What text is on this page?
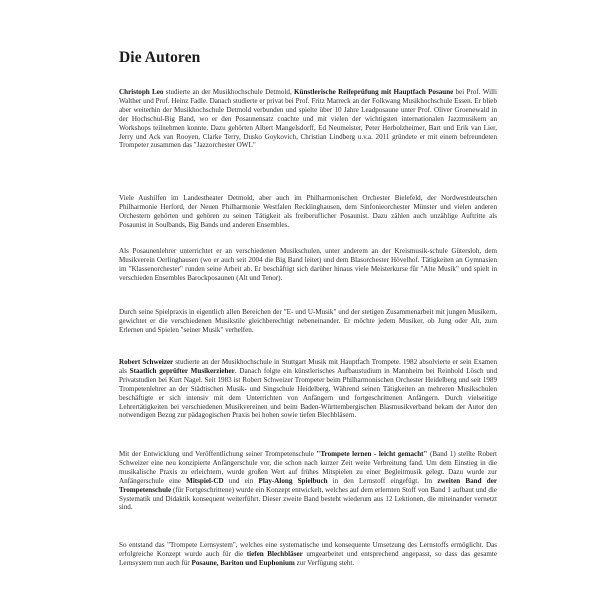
Die Autoren

Christoph Leo studierte an der Musikhochschule Detmold, Künstlerische Reifeprüfung mit Hauptfach Posaune bei Prof. Willi Walther und Prof. Heinz Fadle. Danach studierte er privat bei Prof. Fritz Marreck an der Folkwang Musikhochschule Essen. Er blieb aber weiterhin der Musikhochschule Detmold verbunden und spielte über 10 Jahre Leadposaune unter Prof. Oliver Groenewald in der Hochschul-Big Band, wo er den Posaunensatz coachte und mit vielen der wichtigsten internationalen Jazzmusikern an Workshops teilnehmen konnte. Dazu gehörten Albert Mangelsdorff, Ed Neumeister, Peter Herbolzheimer, Bart und Erik van Lier, Jerry und Ack van Rooyen, Clarke Terry, Dusko Goykovich, Christian Lindberg u.v.a. 2011 gründete er mit einem befreundeten Trompeter zusammen das "Jazzorchester OWL"

Viele Aushilfen im Landestheater Detmold, aber auch im Philharmonischen Orchester Bielefeld, der Nordwestdeutschen Philharmonie Herford, der Neuen Philharmonie Westfalen Recklinghausen, dem Sinfonieorchester Münster und vielen anderen Orchestern gehörten und gehören zu seinen Tätigkeit als freiberuflicher Posaunist. Dazu zählen auch unzählige Auftritte als Posaunist in Soulbands, Big Bands und anderen Ensembles.

Als Posaunenlehrer unterrichtet er an verschiedenen Musikschulen, unter anderem an der Kreismusik-schule Gütersloh, dem Musikverein Oerlinghausen (wo er auch seit 2004 die Big Band leitet) und dem Blasorchester Hövelhof. Tätigkeiten an Gymnasien im "Klassenorchester" runden seine Arbeit ab. Er beschäftigt sich darüber hinaus viele Meisterkurse für "Alte Musik" und spielt in verschieden Ensembles Barockposaunen (Alt und Tenor).

Durch seine Spielpraxis in eigentlich allen Bereichen der "E- und U-Musik" und der stetigen Zusammenarbeit mit jungen Musikern, gewichtet er die verschiedenen Musikstile gleichberechtigt nebeneinander. Er möchte jedem Musiker, ob Jung oder Alt, zum Erlernen und Spielen "seiner Musik" verhelfen.

Robert Schweizer studierte an der Musikhochschule in Stuttgart Musik mit Hauptfach Trompete. 1982 absolvierte er sein Examen als Staatlich geprüfter Musikerzieher. Danach folgte ein künstlerisches Aufbaustudium in Mannheim bei Reinhold Lösch und Privatstudien bei Kurt Nagel. Seit 1983 ist Robert Schweizer Trompeter beim Philharmonischen Orchester Heidelberg und seit 1989 Trompetenlehrer an der Städtischen Musik- und Singschule Heidelberg. Während seinen Tätigkeiten an mehreren Musikschulen beschäftigte er sich intensiv mit dem Unterrichten von Anfängern und fortgeschrittenen Anfängern. Durch vielseitige Lehrertätigkeiten bei verschiedenen Musikvereinen und beim Baden-Württembergischen Blasmusikverband bekam der Autor den notwendigen Bezug zur pädagogischen Praxis bei hohen sowie tiefen Blechbläsern.

Mit der Entwicklung und Veröffentlichung seiner Trompetenschule "Trompete lernen - leicht gemacht" (Band 1) stellte Robert Schweizer eine neu konzipierte Anfängerschule vor, die schon nach kurzer Zeit weite Verbreitung fand. Um dem Einstieg in die musikalische Praxis zu erleichtern, wurde großen Wert auf frühes Mitspielen zu einer Begleitmusik gelegt. Dazu wurde zur Anfängerschule eine Mitspiel-CD und ein Play-Along Spielbuch in den Lernstoff eingefügt. Im zweiten Band der Trompetenschule (für Fortgeschrittene) wurde ein Konzept entwickelt, welches auf dem erlernten Stoff von Band 1 aufbaut und die Systematik und Didaktik konsequent weiterführt. Dieser zweite Band besteht wiederum aus 12 Lektionen, die miteinander vernetzt sind.

So entstand das "Trompete Lernsystem", welches eine systematische und konsequente Umsetzung des Lernstoffs ermöglicht. Das erfolgreiche Konzept wurde auch für die tiefen Blechbläser umgearbeitet und entsprechend angepasst, so dass das gesamte Lernsystem nun auch für Posaune, Bariton und Euphonium zur Verfügung steht.
